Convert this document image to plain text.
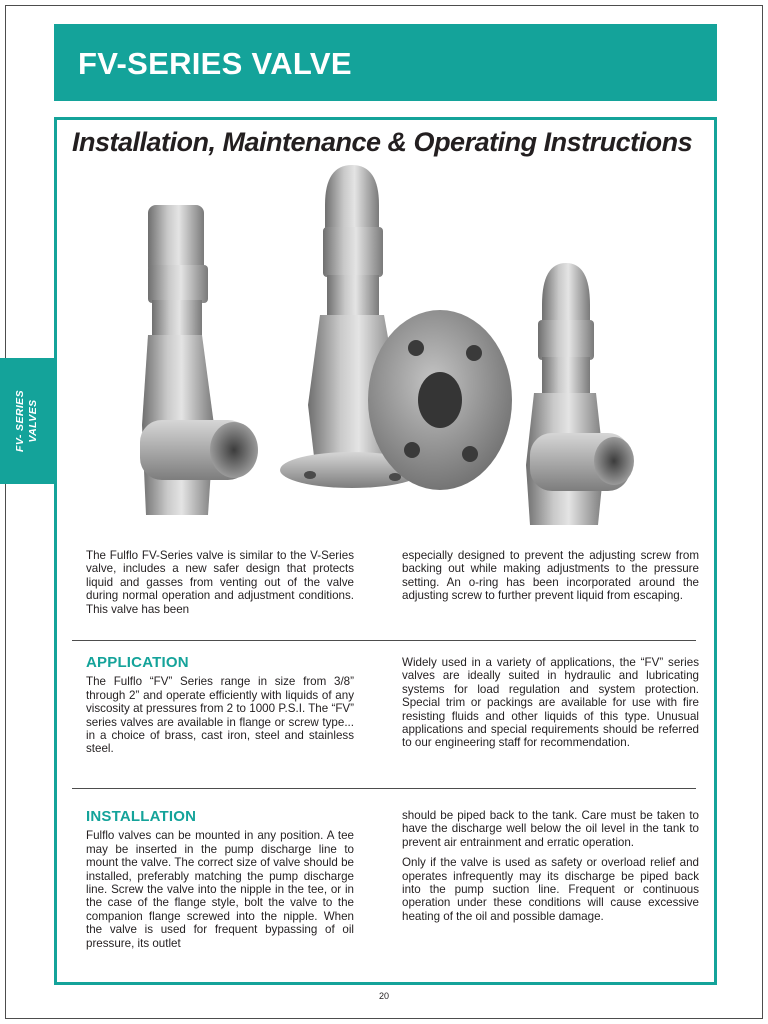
FV-SERIES VALVE
FV- SERIES VALVES
Installation, Maintenance & Operating Instructions

The Fulflo FV-Series valve is similar to the V-Series valve, includes a new safer design that protects liquid and gasses from venting out of the valve during normal operation and adjustment conditions. This valve has been

especially designed to prevent the adjusting screw from backing out while making adjustments to the pressure setting. An o-ring has been incorporated around the adjusting screw to further prevent liquid from escaping.

APPLICATION

The Fulflo “FV” Series range in size from 3/8” through 2” and operate efficiently with liquids of any viscosity at pressures from 2 to 1000 P.S.I. The “FV” series valves are available in flange or screw type... in a choice of brass, cast iron, steel and stainless steel.

Widely used in a variety of applications, the “FV” series valves are ideally suited in hydraulic and lubricating systems for load regulation and system protection. Special trim or packings are available for use with fire resisting fluids and other liquids of this type. Unusual applications and special requirements should be referred to our engineering staff for recommendation.

INSTALLATION

Fulflo valves can be mounted in any position. A tee may be inserted in the pump discharge line to mount the valve. The correct size of valve should be installed, preferably matching the pump discharge line. Screw the valve into the nipple in the tee, or in the case of the flange style, bolt the valve to the companion flange screwed into the nipple. When the valve is used for frequent bypassing of oil pressure, its outlet

should be piped back to the tank. Care must be taken to have the discharge well below the oil level in the tank to prevent air entrainment and erratic operation.

Only if the valve is used as safety or overload relief and operates infrequently may its discharge be piped back into the pump suction line. Frequent or continuous operation under these conditions will cause excessive heating of the oil and possible damage.

20
